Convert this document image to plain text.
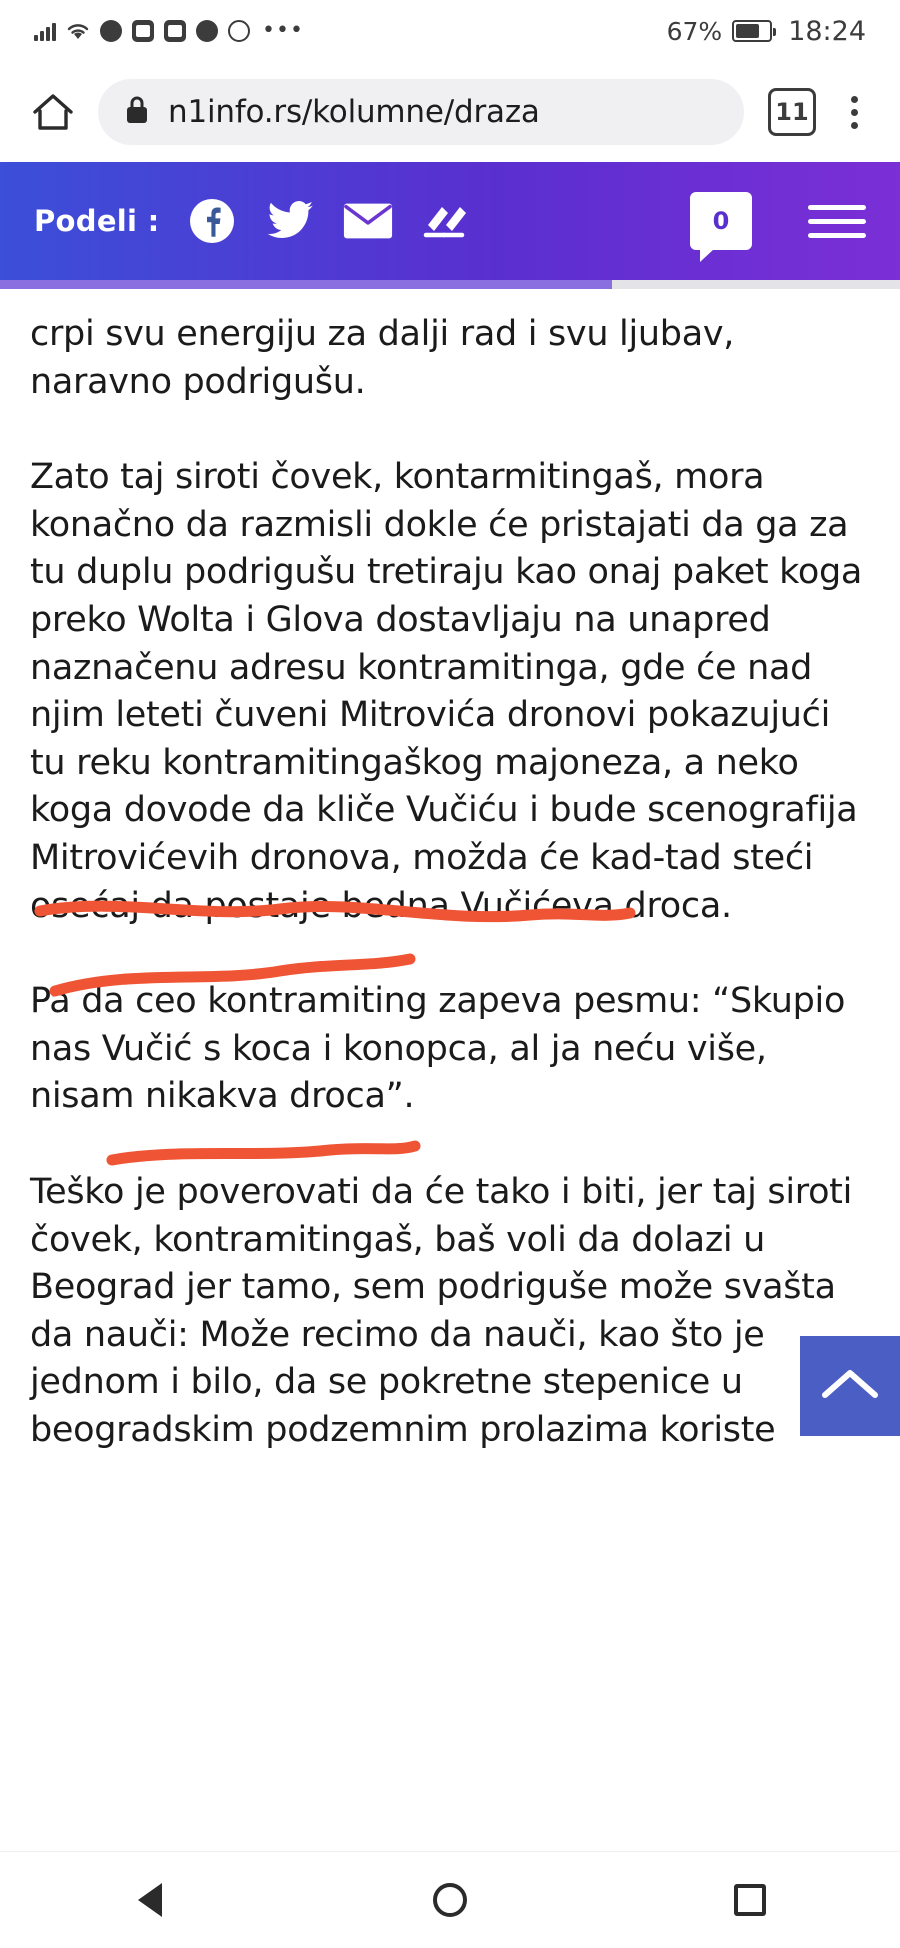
•••	67% 18:24
n1info.rs/kolumne/draza	11
Podeli :	0

crpi svu energiju za dalji rad i svu ljubav, naravno podrigušu.

Zato taj siroti čovek, kontarmitingaš, mora konačno da razmisli dokle će pristajati da ga za tu duplu podrigušu tretiraju kao onaj paket koga preko Wolta i Glova dostavljaju na unapred naznačenu adresu kontramitinga, gde će nad njim leteti čuveni Mitrovića dronovi pokazujući tu reku kontramitingaškog majoneza, a neko koga dovode da kliče Vučiću i bude scenografija Mitrovićevih dronova, možda će kad-tad steći osećaj da postaje bedna Vučićeva droca.

Pa da ceo kontramiting zapeva pesmu: “Skupio nas Vučić s koca i konopca, al ja neću više, nisam nikakva droca”.

Teško je poverovati da će tako i biti, jer taj siroti čovek, kontramitingaš, baš voli da dolazi u Beograd jer tamo, sem podriguše može svašta da nauči: Može recimo da nauči, kao što je jednom i bilo, da se pokretne stepenice u beogradskim podzemnim prolazima koriste
